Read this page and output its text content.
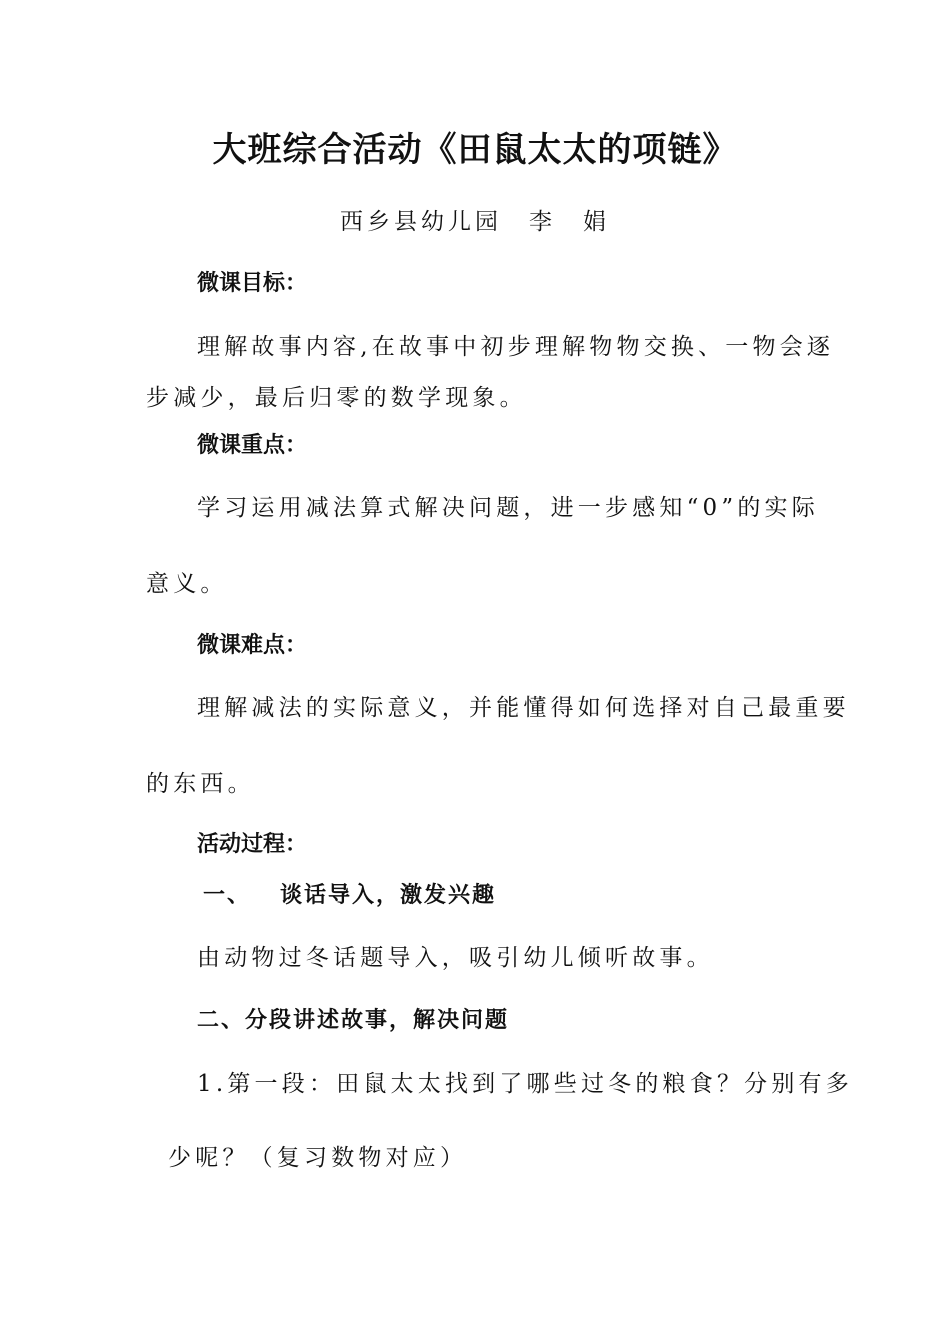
大班综合活动《田鼠太太的项链》

西乡县幼儿园　李　娟

微课目标：

理解故事内容,在故事中初步理解物物交换、一物会逐

步减少，最后归零的数学现象。

微课重点：

学习运用减法算式解决问题，进一步感知“0”的实际

意义。

微课难点：

理解减法的实际意义，并能懂得如何选择对自己最重要

的东西。

活动过程：

一、 谈话导入，激发兴趣

由动物过冬话题导入，吸引幼儿倾听故事。

二、分段讲述故事，解决问题

1.第一段：田鼠太太找到了哪些过冬的粮食？分别有多

少呢？（复习数物对应）
